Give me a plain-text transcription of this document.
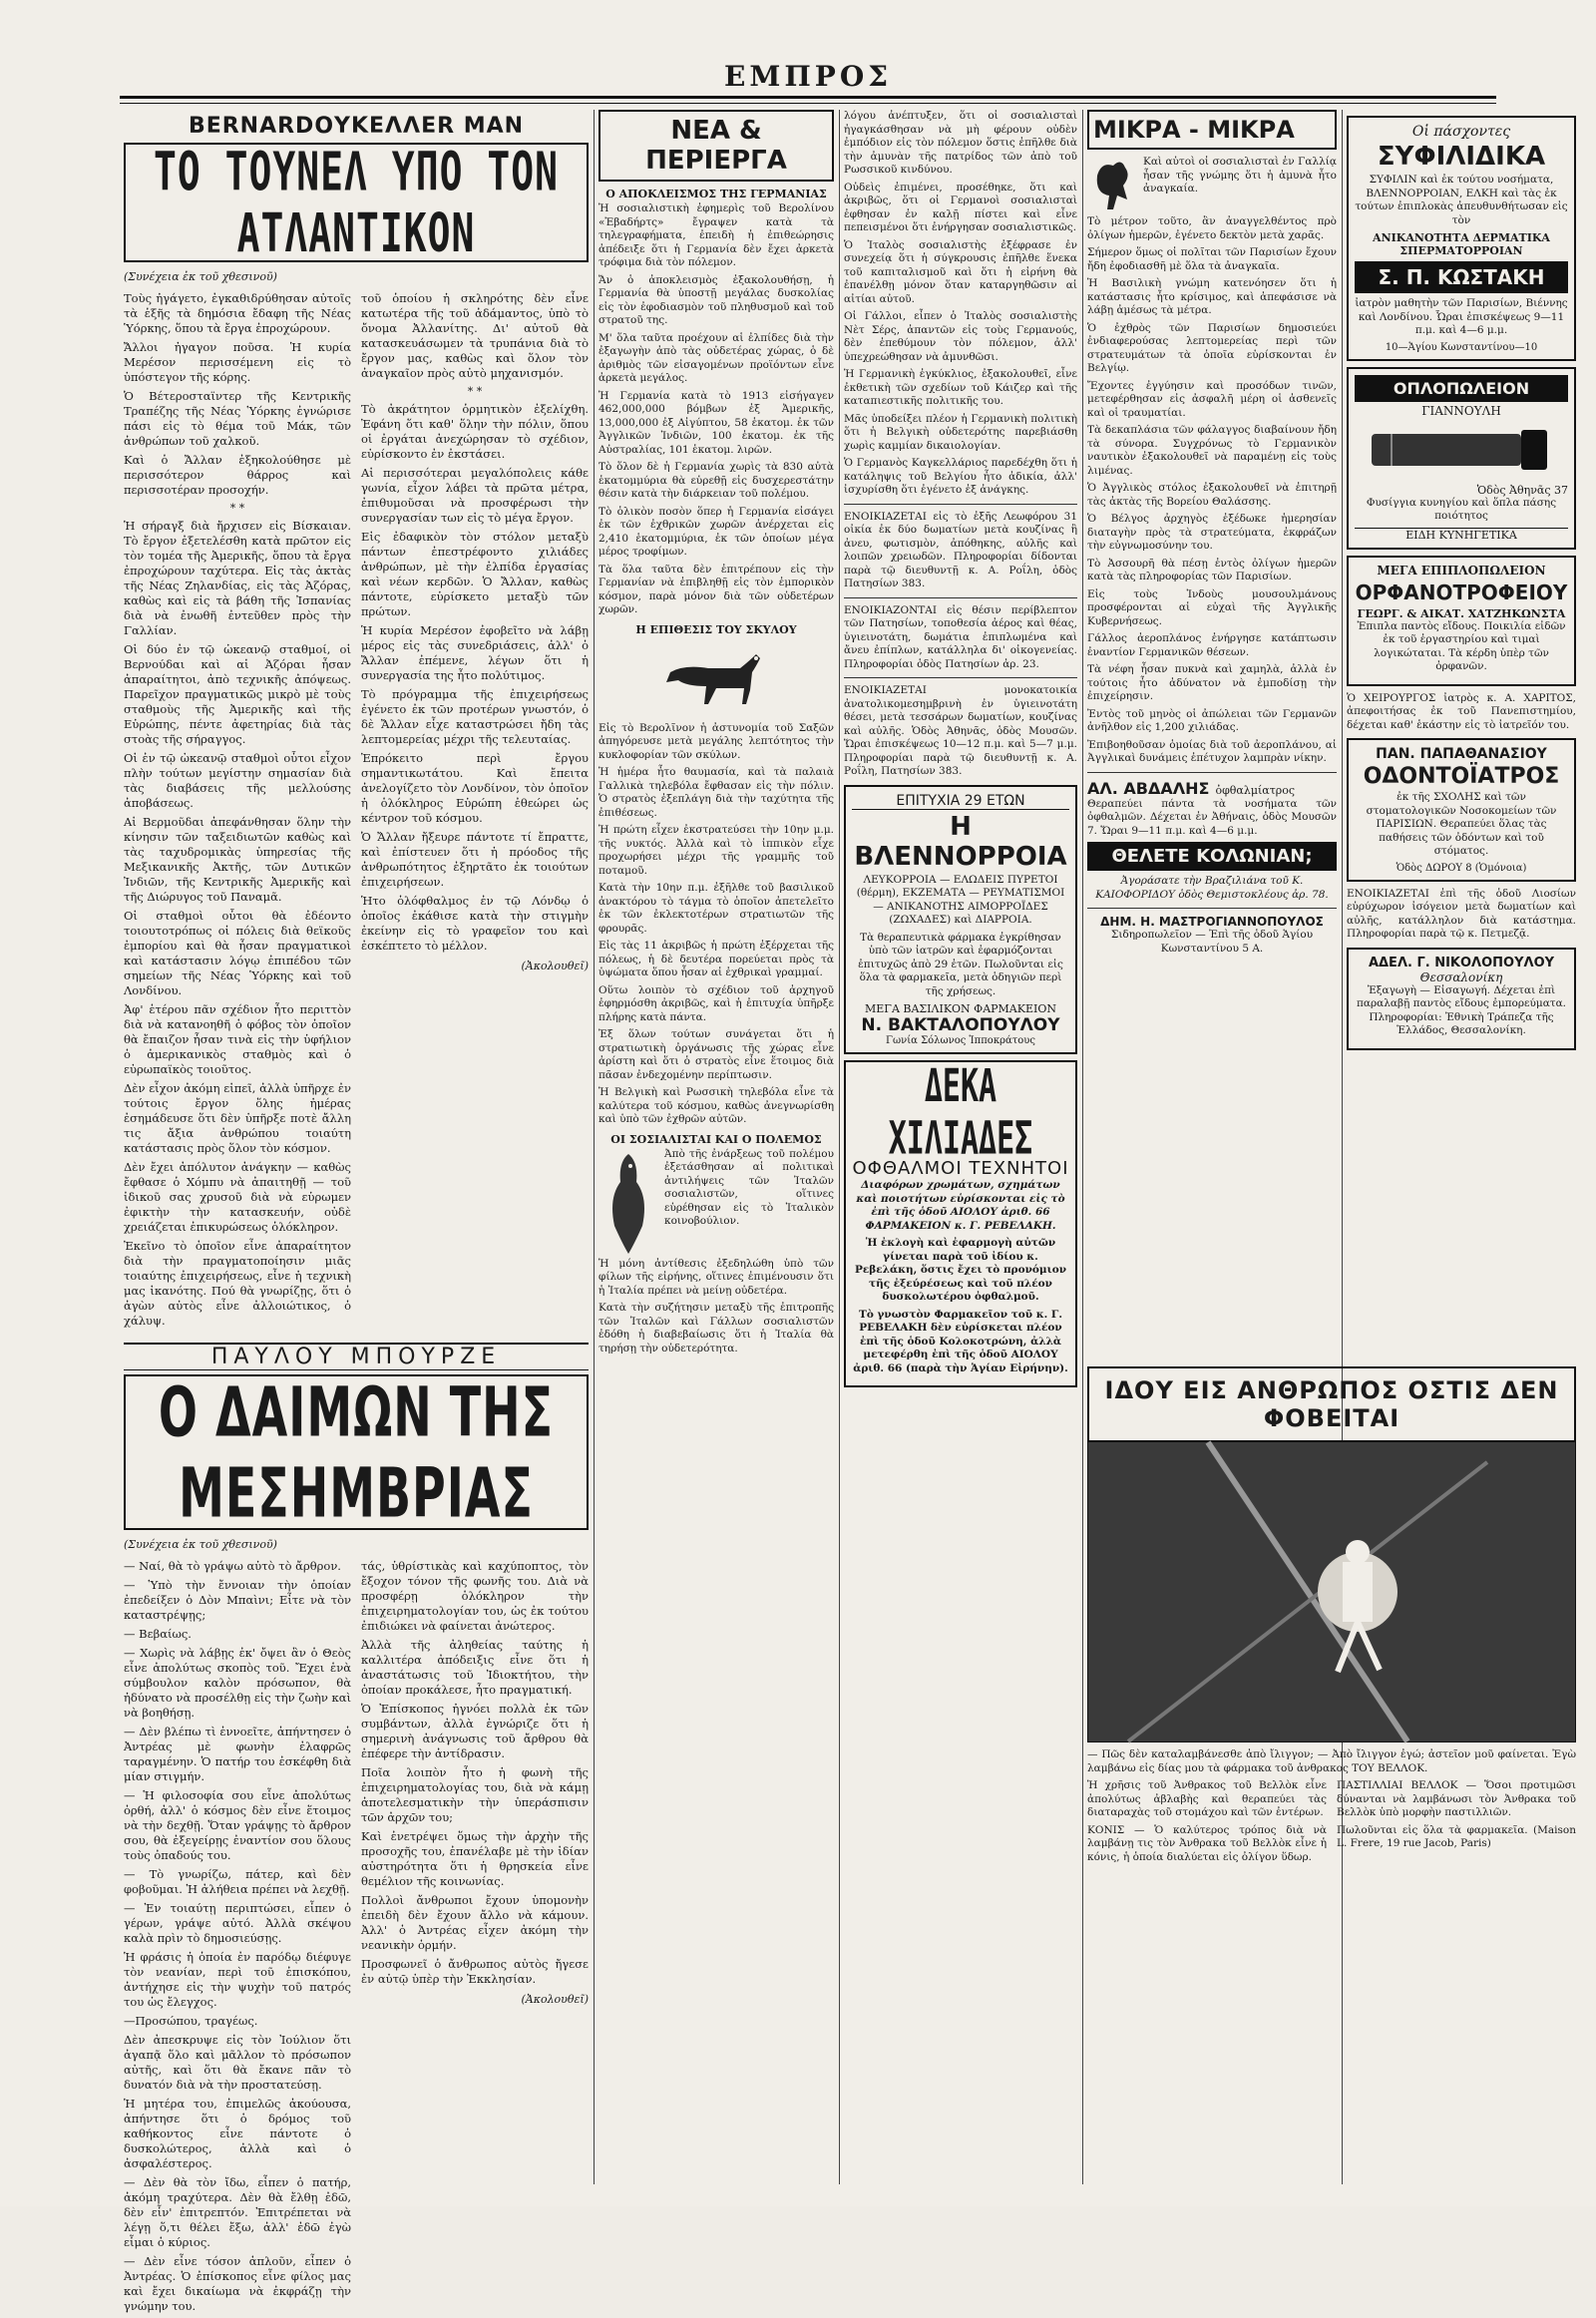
ΕΜΠΡΟΣ
ΒΕRΝΑRDΟΥΚΕΛΛΕR ΜΑΝ
ΤΟ ΤΟΥΝΕΛ ΥΠΟ ΤΟΝ ΑΤΛΑΝΤΙΚΟΝ
(Συνέχεια ἐκ τοῦ χθεσινοῦ)

Τοὺς ἠγάγετο, ἐγκαθιδρύθησαν αὐτοῖς τὰ ἑξῆς τὰ δημόσια ἔδαφη τῆς Νέας Ὑόρκης, ὅπου τὰ ἔργα ἐπροχώρουν.

Ἄλλοι ἠγαγον ποῦσα. Ἡ κυρία Μερέσον περισσέμενη εἰς τὸ ὑπόστεγον τῆς κόρης.

Ὁ Βέτεροσταϊντερ τῆς Κεντρικῆς Τραπέζης τῆς Νέας Ὑόρκης ἐγνώρισε πάσι εἰς τὸ θέμα τοῦ Μάκ, τῶν ἀνθρώπων τοῦ χαλκοῦ.

Καὶ ὁ Ἄλλαν ἐξηκολούθησε μὲ περισσότερον θάρρος καὶ περισσοτέραν προσοχήν.

* *

Ἡ σήραγξ διὰ ἤρχισεν εἰς Βίσκαιαν. Τὸ ἔργον ἐξετελέσθη κατὰ πρῶτον εἰς τὸν τομέα τῆς Ἀμερικῆς, ὅπου τὰ ἔργα ἐπροχώρουν ταχύτερα. Εἰς τὰς ἀκτὰς τῆς Νέας Ζηλανδίας, εἰς τὰς Ἀζόρας, καθὼς καὶ εἰς τὰ βάθη τῆς Ἰσπανίας διὰ νὰ ἐνωθῆ ἐντεῦθεν πρὸς τὴν Γαλλίαν.

Οἱ δύο ἐν τῷ ὠκεανῷ σταθμοί, οἱ Βερνούδαι καὶ αἱ Ἀζόραι ἦσαν ἀπαραίτητοι, ἀπὸ τεχνικῆς ἀπόψεως. Παρεῖχον πραγματικῶς μικρὸ μὲ τοὺς σταθμοὺς τῆς Ἀμερικῆς καὶ τῆς Εὐρώπης, πέντε ἀφετηρίας διὰ τὰς στοὰς τῆς σήραγγος.

Οἱ ἐν τῷ ὠκεανῷ σταθμοὶ οὗτοι εἶχον πλὴν τούτων μεγίστην σημασίαν διὰ τὰς διαβάσεις τῆς μελλούσης ἀποβάσεως.

Αἱ Βερμοῦδαι ἀπεφάνθησαν ὅλην τὴν κίνησιν τῶν ταξειδιωτῶν καθὼς καὶ τὰς ταχυδρομικὰς ὑπηρεσίας τῆς Μεξικανικῆς Ἀκτῆς, τῶν Δυτικῶν Ἰνδιῶν, τῆς Κεντρικῆς Ἀμερικῆς καὶ τῆς Διώρυγος τοῦ Παναμᾶ.

Οἱ σταθμοὶ οὗτοι θὰ ἐδέοντο τοιουτοτρόπως οἱ πόλεις διὰ θεϊκοῦς ἐμπορίου καὶ θὰ ἦσαν πραγματικοὶ καὶ κατάστασιν λόγῳ ἐπιπέδου τῶν σημείων τῆς Νέας Ὑόρκης καὶ τοῦ Λονδίνου.

Ἀφ' ἑτέρου πᾶν σχέδιον ἦτο περιττὸν διὰ νὰ κατανοηθῆ ὁ φόβος τὸν ὁποῖον θὰ ἔπαιζον ἦσαν τινὰ εἰς τὴν ὑφήλιον ὁ ἀμερικανικὸς σταθμὸς καὶ ὁ εὐρωπαϊκὸς τοιοῦτος.

Δὲν εἶχον ἀκόμη εἰπεῖ, ἀλλὰ ὑπῆρχε ἐν τούτοις ἔργον ὅλης ἡμέρας ἐσημάδευσε ὅτι δὲν ὑπῆρξε ποτὲ ἄλλη τις ἄξια ἀνθρώπου τοιαύτη κατάστασις πρὸς ὅλον τὸν κόσμον.

Δὲν ἔχει ἀπόλυτον ἀνάγκην — καθὼς ἔφθασε ὁ Χόμπυ νὰ ἀπαιτηθῇ — τοῦ ἰδικοῦ σας χρυσοῦ διὰ νὰ εὑρωμεν ἐφικτὴν τὴν κατασκευήν, οὐδὲ χρειάζεται ἐπικυρώσεως ὁλόκληρον.

Ἐκεῖνο τὸ ὁποῖον εἶνε ἀπαραίτητον διὰ τὴν πραγματοποίησιν μιᾶς τοιαύτης ἐπιχειρήσεως, εἶνε ἡ τεχνικὴ μας ἱκανότης. Πού θὰ γνωρίζῃς, ὅτι ὁ ἀγὼν αὐτὸς εἶνε ἀλλοιώτικος, ὁ χάλυψ.

τοῦ ὁποίου ἡ σκληρότης δὲν εἶνε κατωτέρα τῆς τοῦ ἀδάμαντος, ὑπὸ τὸ ὄνομα Ἀλλανίτης. Δι' αὐτοῦ θὰ κατασκευάσωμεν τὰ τρυπάνια διὰ τὸ ἔργον μας, καθὼς καὶ ὅλον τὸν ἀναγκαῖον πρὸς αὐτὸ μηχανισμόν.

* *

Τὸ ἀκράτητον ὁρμητικὸν ἐξελίχθη. Ἐφάνη ὅτι καθ' ὅλην τὴν πόλιν, ὅπου οἱ ἐργάται ἀνεχώρησαν τὸ σχέδιον, εὑρίσκοντο ἐν ἐκστάσει.

Αἱ περισσότεραι μεγαλόπολεις κάθε γωνία, εἶχον λάβει τὰ πρῶτα μέτρα, ἐπιθυμοῦσαι νὰ προσφέρωσι τὴν συνεργασίαν των εἰς τὸ μέγα ἔργον.

Εἰς ἐδαφικὸν τὸν στόλον μεταξὺ πάντων ἐπεστρέφοντο χιλιάδες ἀνθρώπων, μὲ τὴν ἐλπίδα ἐργασίας καὶ νέων κερδῶν. Ὁ Ἄλλαν, καθὼς πάντοτε, εὑρίσκετο μεταξὺ τῶν πρώτων.

Ἡ κυρία Μερέσον ἐφοβεῖτο νὰ λάβῃ μέρος εἰς τὰς συνεδριάσεις, ἀλλ' ὁ Ἄλλαν ἐπέμενε, λέγων ὅτι ἡ συνεργασία της ἦτο πολύτιμος.

Τὸ πρόγραμμα τῆς ἐπιχειρήσεως ἐγένετο ἐκ τῶν προτέρων γνωστόν, ὁ δὲ Ἄλλαν εἶχε καταστρώσει ἤδη τὰς λεπτομερείας μέχρι τῆς τελευταίας.

Ἐπρόκειτο περὶ ἔργου σημαντικωτάτου. Καὶ ἔπειτα ἀνελογίζετο τὸν Λονδίνον, τὸν ὁποῖον ἡ ὁλόκληρος Εὐρώπη ἐθεώρει ὡς κέντρον τοῦ κόσμου.

Ὁ Ἄλλαν ἤξευρε πάντοτε τί ἔπραττε, καὶ ἐπίστευεν ὅτι ἡ πρόοδος τῆς ἀνθρωπότητος ἐξηρτᾶτο ἐκ τοιούτων ἐπιχειρήσεων.

Ἡτο ὁλόφθαλμος ἐν τῷ Λόνδῳ ὁ ὁποῖος ἐκάθισε κατὰ τὴν στιγμὴν ἐκείνην εἰς τὸ γραφεῖον του καὶ ἐσκέπτετο τὸ μέλλον.

(Ἀκολουθεῖ)
ΠΑΥΛΟΥ ΜΠΟΥΡΖΕ
Ο ΔΑΙΜΩΝ ΤΗΣ ΜΕΣΗΜΒΡΙΑΣ
(Συνέχεια ἐκ τοῦ χθεσινοῦ)

— Ναί, θὰ τὸ γράψω αὐτὸ τὸ ἄρθρον.

— Ὑπὸ τὴν ἔννοιαν τὴν ὁποίαν ἐπεδείξεν ὁ Δὸν Μπαὶνι; Εἶτε νὰ τὸν καταστρέψῃς;

— Βεβαίως.

— Χωρὶς νὰ λάβῃς ἐκ' ὄψει ἂν ὁ Θεὸς εἶνε ἀπολύτως σκοπὸς τοῦ. Ἔχει ἑνὰ σύμβουλον καλὸν πρόσωπον, θὰ ἠδύνατο νὰ προσέλθῃ εἰς τὴν ζωὴν καὶ νὰ βοηθήσῃ.

— Δὲν βλέπω τὶ ἐννοεῖτε, ἀπήντησεν ὁ Ἀντρέας μὲ φωνὴν ἐλαφρῶς ταραγμένην. Ὁ πατήρ του ἐσκέφθη διὰ μίαν στιγμήν.

— Ἡ φιλοσοφία σου εἶνε ἀπολύτως ὀρθή, ἀλλ' ὁ κόσμος δὲν εἶνε ἕτοιμος νὰ τὴν δεχθῇ. Ὅταν γράψῃς τὸ ἄρθρον σου, θὰ ἐξεγείρῃς ἐναντίον σου ὅλους τοὺς ὀπαδούς του.

— Τὸ γνωρίζω, πάτερ, καὶ δὲν φοβοῦμαι. Ἡ ἀλήθεια πρέπει νὰ λεχθῇ.

— Ἐν τοιαύτῃ περιπτώσει, εἶπεν ὁ γέρων, γράψε αὐτό. Ἀλλὰ σκέψου καλὰ πρὶν τὸ δημοσιεύσῃς.

Ἡ φράσις ἡ ὁποία ἐν παρόδῳ διέφυγε τὸν νεανίαν, περὶ τοῦ ἐπισκόπου, ἀντήχησε εἰς τὴν ψυχὴν τοῦ πατρός του ὡς ἔλεγχος.

—Προσώπου, τραγέως.

Δὲν ἀπεσκρυψε εἰς τὸν Ἰούλιον ὅτι ἀγαπᾷ ὅλο καὶ μᾶλλον τὸ πρόσωπον αὐτῆς, καὶ ὅτι θὰ ἔκανε πᾶν τὸ δυνατόν διὰ νὰ τὴν προστατεύσῃ.

Ἡ μητέρα του, ἐπιμελῶς ἀκούουσα, ἀπήντησε ὅτι ὁ δρόμος τοῦ καθήκοντος εἶνε πάντοτε ὁ δυσκολώτερος, ἀλλὰ καὶ ὁ ἀσφαλέστερος.

— Δὲν θὰ τὸν ἴδω, εἶπεν ὁ πατήρ, ἀκόμη τραχύτερα. Δὲν θὰ ἔλθῃ ἐδῶ, δὲν εἶν' ἐπιτρεπτόν. Ἐπιτρέπεται νὰ λέγῃ ὅ,τι θέλει ἔξω, ἀλλ' ἐδῶ ἐγὼ εἶμαι ὁ κύριος.

— Δὲν εἶνε τόσον ἁπλοῦν, εἶπεν ὁ Ἀντρέας. Ὁ ἐπίσκοπος εἶνε φίλος μας καὶ ἔχει δικαίωμα νὰ ἐκφράζῃ τὴν γνώμην του.

τάς, ὑθρίστικὰς καὶ καχύποπτος, τὸν ἔξοχον τόνον τῆς φωνῆς του. Διὰ νὰ προσφέρῃ ὁλόκληρον τὴν ἐπιχειρηματολογίαν του, ὡς ἐκ τούτου ἐπιδιώκει νὰ φαίνεται ἀνώτερος.

Ἀλλὰ τῆς ἀληθείας ταύτης ἡ καλλιτέρα ἀπόδειξις εἶνε ὅτι ἡ ἀναστάτωσις τοῦ Ἰδιοκτήτου, τὴν ὁποίαν προκάλεσε, ἦτο πραγματική.

Ὁ Ἐπίσκοπος ἠγνόει πολλὰ ἐκ τῶν συμβάντων, ἀλλὰ ἐγνώριζε ὅτι ἡ σημερινὴ ἀνάγνωσις τοῦ ἄρθρου θὰ ἐπέφερε τὴν ἀντίδρασιν.

Ποῖα λοιπὸν ἦτο ἡ φωνὴ τῆς ἐπιχειρηματολογίας του, διὰ νὰ κάμῃ ἀποτελεσματικὴν τὴν ὑπεράσπισιν τῶν ἀρχῶν του;

Καὶ ἐνετρέψει ὅμως τὴν ἀρχὴν τῆς προσοχῆς του, ἐπανέλαβε μὲ τὴν ἰδίαν αὐστηρότητα ὅτι ἡ θρησκεία εἶνε θεμέλιον τῆς κοινωνίας.

Πολλοὶ ἄνθρωποι ἔχουν ὑπομονὴν ἐπειδὴ δὲν ἔχουν ἄλλο νὰ κάμουν. Ἀλλ' ὁ Ἀντρέας εἶχεν ἀκόμη τὴν νεανικὴν ὁρμήν.

Προσφωνεῖ ὁ ἄνθρωπος αὐτὸς ἤγεσε ἐν αὐτῷ ὑπὲρ τὴν Ἐκκλησίαν.

(Ἀκολουθεῖ)
ΝΕΑ & ΠΕΡΙΕΡΓΑ
Ο ΑΠΟΚΛΕΙΣΜΟΣ ΤΗΣ ΓΕΡΜΑΝΙΑΣ

Ἡ σοσιαλιστικὴ ἐφημερὶς τοῦ Βερολίνου «Ἐβαδήρτς» ἔγραψεν κατὰ τὰ τηλεγραφήματα, ἐπειδὴ ἡ ἐπιθεώρησις ἀπέδειξε ὅτι ἡ Γερμανία δὲν ἔχει ἀρκετὰ τρόφιμα διὰ τὸν πόλεμον.

Ἄν ὁ ἀποκλεισμὸς ἐξακολουθήσῃ, ἡ Γερμανία θὰ ὑποστῇ μεγάλας δυσκολίας εἰς τὸν ἐφοδιασμὸν τοῦ πληθυσμοῦ καὶ τοῦ στρατοῦ της.

Μ' ὅλα ταῦτα προέχουν αἱ ἐλπίδες διὰ τὴν ἐξαγωγὴν ἀπὸ τὰς οὐδετέρας χώρας, ὁ δὲ ἀριθμὸς τῶν εἰσαγομένων προϊόντων εἶνε ἀρκετὰ μεγάλος.

Ἡ Γερμανία κατὰ τὸ 1913 εἰσήγαγεν 462,000,000 βόμβων ἐξ Ἀμερικῆς, 13,000,000 ἐξ Αἰγύπτου, 58 ἑκατομ. ἐκ τῶν Ἀγγλικῶν Ἰνδιῶν, 100 ἑκατομ. ἐκ τῆς Αὐστραλίας, 101 ἑκατομ. λιρῶν.

Τὸ ὅλον δὲ ἡ Γερμανία χωρὶς τὰ 830 αὐτὰ ἑκατομμύρια θὰ εὑρεθῇ εἰς δυσχερεστάτην θέσιν κατὰ τὴν διάρκειαν τοῦ πολέμου.

Τὸ ὁλικὸν ποσὸν ὅπερ ἡ Γερμανία εἰσάγει ἐκ τῶν ἐχθρικῶν χωρῶν ἀνέρχεται εἰς 2,410 ἑκατομμύρια, ἐκ τῶν ὁποίων μέγα μέρος τροφίμων.

Τὰ ὅλα ταῦτα δὲν ἐπιτρέπουν εἰς τὴν Γερμανίαν νὰ ἐπιβληθῇ εἰς τὸν ἐμπορικὸν κόσμον, παρὰ μόνον διὰ τῶν οὐδετέρων χωρῶν.

Η ΕΠΙΘΕΣΙΣ ΤΟΥ ΣΚΥΛΟΥ

Εἰς τὸ Βερολῖνον ἡ ἀστυνομία τοῦ Σαξῶν ἀπηγόρευσε μετὰ μεγάλης λεπτότητος τὴν κυκλοφορίαν τῶν σκύλων.

Ἡ ἡμέρα ἦτο θαυμασία, καὶ τὰ παλαιὰ Γαλλικὰ τηλεβόλα ἔφθασαν εἰς τὴν πόλιν. Ὁ στρατὸς ἐξεπλάγη διὰ τὴν ταχύτητα τῆς ἐπιθέσεως.

Ἡ πρώτη εἶχεν ἐκστρατεύσει τὴν 10ην μ.μ. τῆς νυκτός. Ἀλλὰ καὶ τὸ ἱππικὸν εἶχε προχωρήσει μέχρι τῆς γραμμῆς τοῦ ποταμοῦ.

Κατὰ τὴν 10ην π.μ. ἐξῆλθε τοῦ βασιλικοῦ ἀνακτόρου τὸ τάγμα τὸ ὁποῖον ἀπετελεῖτο ἐκ τῶν ἐκλεκτοτέρων στρατιωτῶν τῆς φρουρᾶς.

Εἰς τὰς 11 ἀκριβῶς ἡ πρώτη ἐξέρχεται τῆς πόλεως, ἡ δὲ δευτέρα πορεύεται πρὸς τὰ ὑψώματα ὅπου ἦσαν αἱ ἐχθρικαὶ γραμμαί.

Οὕτω λοιπὸν τὸ σχέδιον τοῦ ἀρχηγοῦ ἐφηρμόσθη ἀκριβῶς, καὶ ἡ ἐπιτυχία ὑπῆρξε πλήρης κατὰ πάντα.

Ἐξ ὅλων τούτων συνάγεται ὅτι ἡ στρατιωτικὴ ὀργάνωσις τῆς χώρας εἶνε ἀρίστη καὶ ὅτι ὁ στρατὸς εἶνε ἕτοιμος διὰ πᾶσαν ἐνδεχομένην περίπτωσιν.

Ἡ Βελγικὴ καὶ Ρωσσικὴ τηλεβόλα εἶνε τὰ καλύτερα τοῦ κόσμου, καθὼς ἀνεγνωρίσθη καὶ ὑπὸ τῶν ἐχθρῶν αὐτῶν.

ΟΙ ΣΟΣΙΑΛΙΣΤΑΙ ΚΑΙ Ο ΠΟΛΕΜΟΣ

Ἀπὸ τῆς ἐνάρξεως τοῦ πολέμου ἐξετάσθησαν αἱ πολιτικαὶ ἀντιλήψεις τῶν Ἰταλῶν σοσιαλιστῶν, οἵτινες εὑρέθησαν εἰς τὸ Ἰταλικὸν κοινοβούλιον.

Ἡ μόνη ἀντίθεσις ἐξεδηλώθη ὑπὸ τῶν φίλων τῆς εἰρήνης, οἵτινες ἐπιμένουσιν ὅτι ἡ Ἰταλία πρέπει νὰ μείνῃ οὐδετέρα.

Κατὰ τὴν συζήτησιν μεταξὺ τῆς ἐπιτροπῆς τῶν Ἰταλῶν καὶ Γάλλων σοσιαλιστῶν ἐδόθη ἡ διαβεβαίωσις ὅτι ἡ Ἰταλία θὰ τηρήσῃ τὴν οὐδετερότητα.

λόγου ἀνέπτυξεν, ὅτι οἱ σοσιαλισταὶ ἠγαγκάσθησαν νὰ μὴ φέρουν οὐδὲν ἐμπόδιον εἰς τὸν πόλεμον ὅστις ἐπῆλθε διὰ τὴν ἀμυνὰν τῆς πατρίδος τῶν ἀπὸ τοῦ Ρωσσικοῦ κινδύνου.

Οὐδεὶς ἐπιμένει, προσέθηκε, ὅτι καὶ ἀκριβῶς, ὅτι οἱ Γερμανοὶ σοσιαλισταὶ ἐφθησαν ἐν καλῇ πίστει καὶ εἶνε πεπεισμένοι ὅτι ἐνήργησαν σοσιαλιστικῶς.

Ὁ Ἰταλὸς σοσιαλιστὴς ἐξέφρασε ἐν συνεχείᾳ ὅτι ἡ σύγκρουσις ἐπῆλθε ἕνεκα τοῦ καπιταλισμοῦ καὶ ὅτι ἡ εἰρήνη θὰ ἐπανέλθῃ μόνον ὅταν καταργηθῶσιν αἱ αἰτίαι αὐτοῦ.

Οἱ Γάλλοι, εἶπεν ὁ Ἰταλὸς σοσιαλιστὴς Νὲτ Σέρς, ἀπαντῶν εἰς τοὺς Γερμανούς, δὲν ἐπεθύμουν τὸν πόλεμον, ἀλλ' ὑπεχρεώθησαν νὰ ἀμυνθῶσι.

Ἡ Γερμανικὴ ἐγκύκλιος, ἐξακολουθεῖ, εἶνε ἐκθετικὴ τῶν σχεδίων τοῦ Κάιζερ καὶ τῆς καταπιεστικῆς πολιτικῆς του.

Μᾶς ὑποδείξει πλέον ἡ Γερμανικὴ πολιτικὴ ὅτι ἡ Βελγικὴ οὐδετερότης παρεβιάσθη χωρὶς καμμίαν δικαιολογίαν.

Ὁ Γερμανὸς Καγκελλάριος παρεδέχθη ὅτι ἡ κατάληψις τοῦ Βελγίου ἦτο ἀδικία, ἀλλ' ἰσχυρίσθη ὅτι ἐγένετο ἐξ ἀνάγκης.

ΕΝΟΙΚΙΑΖΕΤΑΙ εἰς τὸ ἐξῆς Λεωφόρου 31 οἰκία ἐκ δύο δωματίων μετὰ κουζίνας ἢ ἀνευ, φωτισμὸν, ἀπόθηκης, αὐλῆς καὶ λοιπῶν χρειωδῶν. Πληροφορίαι δίδονται παρὰ τῷ διευθυντῇ κ. Α. Ροΐλη, ὁδὸς Πατησίων 383.

ΕΝΟΙΚΙΑΖΟΝΤΑΙ εἰς θέσιν περίβλεπτον τῶν Πατησίων, τοποθεσία ἀέρος καὶ θέας, ὑγιεινοτάτη, δωμάτια ἐπιπλωμένα καὶ ἄνευ ἐπίπλων, κατάλληλα δι' οἰκογενείας. Πληροφορίαι ὁδὸς Πατησίων ἀρ. 23.

ΕΝΟΙΚΙΑΖΕΤΑΙ μονοκατοικία ἀνατολικομεσημβρινὴ ἐν ὑγιεινοτάτη θέσει, μετὰ τεσσάρων δωματίων, κουζίνας καὶ αὐλῆς. Ὁδὸς Ἀθηνᾶς, ὁδὸς Μουσῶν. Ὥραι ἐπισκέψεως 10—12 π.μ. καὶ 5—7 μ.μ. Πληροφορίαι παρὰ τῷ διευθυντῇ κ. Α. Ροΐλη, Πατησίων 383.

ΕΠΙΤΥΧΙΑ 29 ΕΤΩΝ
Η ΒΛΕΝΝΟΡΡΟΙΑ

ΛΕΥΚΟΡΡΟΙΑ — ΕΛΩΔΕΙΣ ΠΥΡΕΤΟΙ (θέρμη), ΕΚΖΕΜΑΤΑ — ΡΕΥΜΑΤΙΣΜΟΙ — ΑΝΙΚΑΝΟΤΗΣ ΑΙΜΟΡΡΟΪΔΕΣ (ΖΩΧΑΔΕΣ) καὶ ΔΙΑΡΡΟΙΑ.

Τὰ θεραπευτικὰ φάρμακα ἐγκρίθησαν ὑπὸ τῶν ἰατρῶν καὶ ἐφαρμόζονται ἐπιτυχῶς ἀπὸ 29 ἐτῶν. Πωλοῦνται εἰς ὅλα τὰ φαρμακεῖα, μετὰ ὁδηγιῶν περὶ τῆς χρήσεως.

ΜΕΓΑ ΒΑΣΙΛΙΚΟΝ ΦΑΡΜΑΚΕΙΟΝ
Ν. ΒΑΚΤΑΛΟΠΟΥΛΟΥ
Γωνία Σόλωνος Ἱπποκράτους
ΔΕΚΑ ΧΙΛΙΑΔΕΣ
ΟΦΘΑΛΜΟΙ ΤΕΧΝΗΤΟΙ

Διαφόρων χρωμάτων, σχημάτων καὶ ποιοτήτων εὑρίσκονται εἰς τὸ ἐπὶ τῆς ὁδοῦ ΑΙΟΛΟΥ ἀριθ. 66 ΦΑΡΜΑΚΕΙΟΝ κ. Γ. ΡΕΒΕΛΑΚΗ.

Ἡ ἐκλογὴ καὶ ἐφαρμογὴ αὐτῶν γίνεται παρὰ τοῦ ἰδίου κ. Ρεβελάκη, ὅστις ἔχει τὸ προνόμιον τῆς ἐξεύρέσεως καὶ τοῦ πλέον δυσκολωτέρου ὀφθαλμοῦ.

Τὸ γνωστὸν Φαρμακεῖον τοῦ κ. Γ. ΡΕΒΕΛΑΚΗ δὲν εὑρίσκεται πλέον ἐπὶ τῆς ὁδοῦ Κολοκοτρώνη, ἀλλὰ μετεφέρθη ἐπὶ τῆς ὁδοῦ ΑΙΟΛΟΥ ἀριθ. 66 (παρὰ τὴν Ἁγίαν Εἰρήνην).

ΜΙΚΡΑ - ΜΙΚΡΑ

Καὶ αὐτοὶ οἱ σοσιαλισταὶ ἐν Γαλλίᾳ ἦσαν τῆς γνώμης ὅτι ἡ ἀμυνὰ ἦτο ἀναγκαία.

Τὸ μέτρον τοῦτο, ἂν ἀναγγελθέντος πρὸ ὀλίγων ἡμερῶν, ἐγένετο δεκτὸν μετὰ χαρᾶς.

Σήμερον ὅμως οἱ πολῖται τῶν Παρισίων ἔχουν ἤδη ἐφοδιασθῆ μὲ ὅλα τὰ ἀναγκαῖα.

Ἡ Βασιλικὴ γνώμη κατενόησεν ὅτι ἡ κατάστασις ἦτο κρίσιμος, καὶ ἀπεφάσισε νὰ λάβῃ ἀμέσως τὰ μέτρα.

Ὁ ἐχθρὸς τῶν Παρισίων δημοσιεύει ἐνδιαφερούσας λεπτομερείας περὶ τῶν στρατευμάτων τὰ ὁποῖα εὑρίσκονται ἐν Βελγίῳ.

Ἔχοντες ἐγγύησιν καὶ προσόδων τινῶν, μετεφέρθησαν εἰς ἀσφαλῆ μέρη οἱ ἀσθενεῖς καὶ οἱ τραυματίαι.

Τὰ δεκαπλάσια τῶν φάλαγγος διαβαίνουν ἤδη τὰ σύνορα. Συγχρόνως τὸ Γερμανικὸν ναυτικὸν ἐξακολουθεῖ νὰ παραμένῃ εἰς τοὺς λιμένας.

Ὁ Ἀγγλικὸς στόλος ἐξακολουθεῖ νὰ ἐπιτηρῇ τὰς ἀκτὰς τῆς Βορείου Θαλάσσης.

Ὁ Βέλγος ἀρχηγὸς ἐξέδωκε ἡμερησίαν διαταγὴν πρὸς τὰ στρατεύματα, ἐκφράζων τὴν εὐγνωμοσύνην του.

Τὸ Ἀσσουρῆ θὰ πέσῃ ἐντὸς ὀλίγων ἡμερῶν κατὰ τὰς πληροφορίας τῶν Παρισίων.

Εἰς τοὺς Ἰνδοὺς μουσουλμάνους προσφέρονται αἱ εὐχαὶ τῆς Ἀγγλικῆς Κυβερνήσεως.

Γάλλος ἀεροπλάνος ἐνήργησε κατάπτωσιν ἐναντίον Γερμανικῶν θέσεων.

Τὰ νέφη ἦσαν πυκνὰ καὶ χαμηλὰ, ἀλλὰ ἐν τούτοις ἦτο ἀδύνατον νὰ ἐμποδίσῃ τὴν ἐπιχείρησιν.

Ἐντὸς τοῦ μηνὸς οἱ ἀπώλειαι τῶν Γερμανῶν ἀνῆλθον εἰς 1,200 χιλιάδας.

Ἐπιβοηθοῦσαν ὁμοίας διὰ τοῦ ἀεροπλάνου, αἱ Ἀγγλικαὶ δυνάμεις ἐπέτυχον λαμπρὰν νίκην.

ΑΛ. ΑΒΔΑΛΗΣ ὀφθαλμίατρος

Θεραπεύει πάντα τὰ νοσήματα τῶν ὀφθαλμῶν. Δέχεται ἐν Ἀθήναις, ὁδὸς Μουσῶν 7. Ὥραι 9—11 π.μ. καὶ 4—6 μ.μ.

ΘΕΛΕΤΕ ΚΟΛΩΝΙΑΝ;

Ἀγοράσατε τὴν Βραζιλιάνα τοῦ Κ. ΚΑΙΟΦΟΡΙΔΟΥ ὁδὸς Θεμιστοκλέους ἀρ. 78.

ΔΗΜ. Η. ΜΑΣΤΡΟΓΙΑΝΝΟΠΟΥΛΟΣ

Σιδηροπωλεῖον — Ἐπὶ τῆς ὁδοῦ Ἁγίου Κωνσταντίνου 5 Α.

Οἱ πάσχοντες
ΣΥΦΙΛΙΔΙΚΑ

ΣΥΦΙΛΙΝ καὶ ἐκ τούτου νοσήματα, ΒΛΕΝΝΟΡΡΟΙΑΝ, ΕΛΚΗ καὶ τὰς ἐκ τούτων ἐπιπλοκὰς ἀπευθυνθήτωσαν εἰς τὸν

ΑΝΙΚΑΝΟΤΗΤΑ ΔΕΡΜΑΤΙΚΑ ΣΠΕΡΜΑΤΟΡΡΟΙΑΝ
Σ. Π. ΚΩΣΤΑΚΗ

ἰατρὸν μαθητὴν τῶν Παρισίων, Βιέννης καὶ Λονδίνου. Ὧραι ἐπισκέψεως 9—11 π.μ. καὶ 4—6 μ.μ.

10—Ἁγίου Κωνσταντίνου—10
ΟΠΛΟΠΩΛΕΙΟΝ
ΓΙΑΝΝΟΥΛΗ
Ὁδὸς Ἀθηνᾶς 37

Φυσίγγια κυνηγίου καὶ ὅπλα πάσης ποιότητος

ΕΙΔΗ ΚΥΝΗΓΕΤΙΚΑ
ΜΕΓΑ ΕΠΙΠΛΟΠΩΛΕΙΟΝ
ΟΡΦΑΝΟΤΡΟΦΕΙΟΥ
ΓΕΩΡΓ. & ΑΙΚΑΤ. ΧΑΤΖΗΚΩΝΣΤΑ

Ἐπιπλα παντὸς εἴδους. Ποικιλία εἰδῶν ἐκ τοῦ ἐργαστηρίου καὶ τιμαὶ λογικώταται. Τὰ κέρδη ὑπὲρ τῶν ὀρφανῶν.

Ὁ ΧΕΙΡΟΥΡΓΟΣ ἰατρὸς κ. Α. ΧΑΡΙΤΟΣ, ἀπεφοιτήσας ἐκ τοῦ Πανεπιστημίου, δέχεται καθ' ἑκάστην εἰς τὸ ἰατρεῖόν του.

ΠΑΝ. ΠΑΠΑΘΑΝΑΣΙΟΥ
ΟΔΟΝΤΟΪΑΤΡΟΣ

ἐκ τῆς ΣΧΟΛΗΣ καὶ τῶν στοματολογικῶν Νοσοκομείων τῶν ΠΑΡΙΣΙΩΝ. Θεραπεύει ὅλας τὰς παθήσεις τῶν ὀδόντων καὶ τοῦ στόματος.

Ὁδὸς ΔΩΡΟΥ 8 (Ὁμόνοια)

ΕΝΟΙΚΙΑΖΕΤΑΙ ἐπὶ τῆς ὁδοῦ Λιοσίων εὐρύχωρον ἰσόγειον μετὰ δωματίων καὶ αὐλῆς, κατάλληλον διὰ κατάστημα. Πληροφορίαι παρὰ τῷ κ. Πετμεζᾷ.

ΑΔΕΛ. Γ. ΝΙΚΟΛΟΠΟΥΛΟΥ
Θεσσαλονίκη

Ἐξαγωγὴ — Εἰσαγωγή. Δέχεται ἐπὶ παραλαβῇ παντὸς εἴδους ἐμπορεύματα. Πληροφορίαι: Ἐθνικὴ Τράπεζα τῆς Ἑλλάδος, Θεσσαλονίκη.

ΙΔΟΥ ΕΙΣ ΑΝΘΡΩΠΟΣ ΟΣΤΙΣ ΔΕΝ ΦΟΒΕΙΤΑΙ

— Πῶς δὲν καταλαμβάνεσθε ἀπὸ ἴλιγγον; — Ἀπὸ ἴλιγγον ἐγώ; ἀστεῖον μοῦ φαίνεται. Ἐγὼ λαμβάνω εἰς δίας μου τὰ φάρμακα τοῦ ἀνθρακος ΤΟΥ ΒΕΛΛΟΚ.

Ἡ χρῆσις τοῦ Ἀνθρακος τοῦ Βελλὸκ εἶνε ἀπολύτως ἀβλαβὴς καὶ θεραπεύει τὰς διαταραχὰς τοῦ στομάχου καὶ τῶν ἐντέρων.

ΚΟΝΙΣ — Ὁ καλύτερος τρόπος διὰ νὰ λαμβάνῃ τις τὸν Ἀνθρακα τοῦ Βελλὸκ εἶνε ἡ κόνις, ἡ ὁποία διαλύεται εἰς ὀλίγον ὕδωρ.

ΠΑΣΤΙΛΛΙΑΙ ΒΕΛΛΟΚ — Ὅσοι προτιμῶσι δύνανται νὰ λαμβάνωσι τὸν Ἀνθρακα τοῦ Βελλὸκ ὑπὸ μορφὴν παστιλλιῶν.

Πωλοῦνται εἰς ὅλα τὰ φαρμακεῖα. (Maison L. Frere, 19 rue Jacob, Paris)
